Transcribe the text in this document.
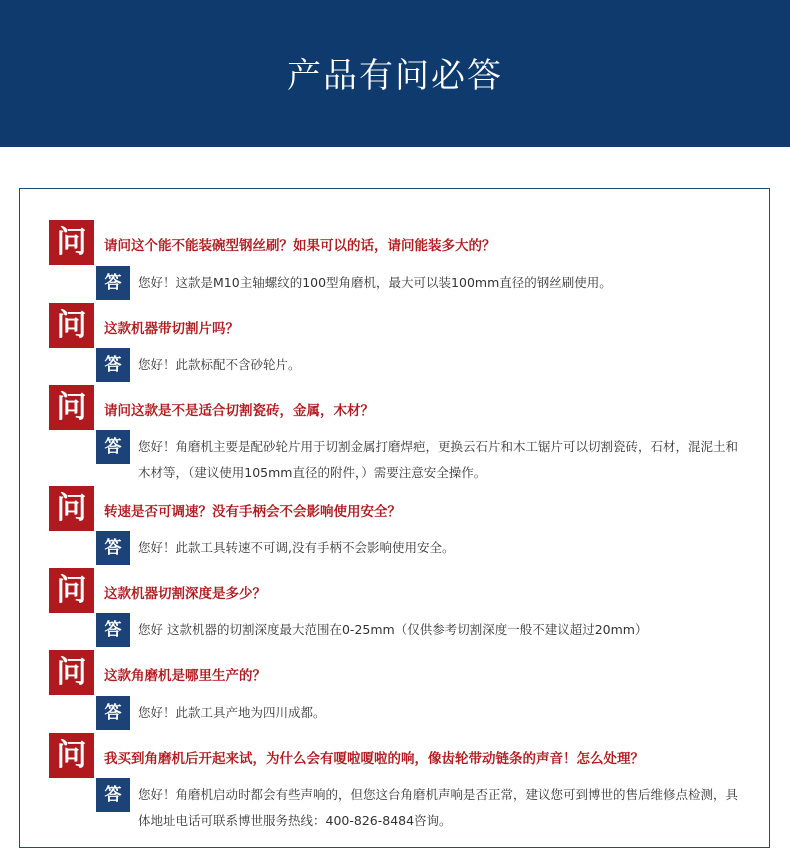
产品有问必答
问	请问这个能不能装碗型钢丝刷？如果可以的话，请问能装多大的？
答	您好！这款是M10主轴螺纹的100型角磨机，最大可以装100mm直径的钢丝刷使用。
问	这款机器带切割片吗？
答	您好！此款标配不含砂轮片。
问	请问这款是不是适合切割瓷砖，金属，木材？
答	您好！角磨机主要是配砂轮片用于切割金属打磨焊疤，更换云石片和木工锯片可以切割瓷砖，石材，混泥土和木材等，（建议使用105mm直径的附件，）需要注意安全操作。
问	转速是否可调速？没有手柄会不会影响使用安全？
答	您好！此款工具转速不可调,没有手柄不会影响使用安全。
问	这款机器切割深度是多少？
答	您好 这款机器的切割深度最大范围在0-25mm（仅供参考切割深度一般不建议超过20mm）
问	这款角磨机是哪里生产的？
答	您好！此款工具产地为四川成都。
问	我买到角磨机后开起来试，为什么会有嗄啦嗄啦的响，像齿轮带动链条的声音！怎么处理？
答	您好！角磨机启动时都会有些声响的，但您这台角磨机声响是否正常，建议您可到博世的售后维修点检测，具体地址电话可联系博世服务热线：400-826-8484咨询。
